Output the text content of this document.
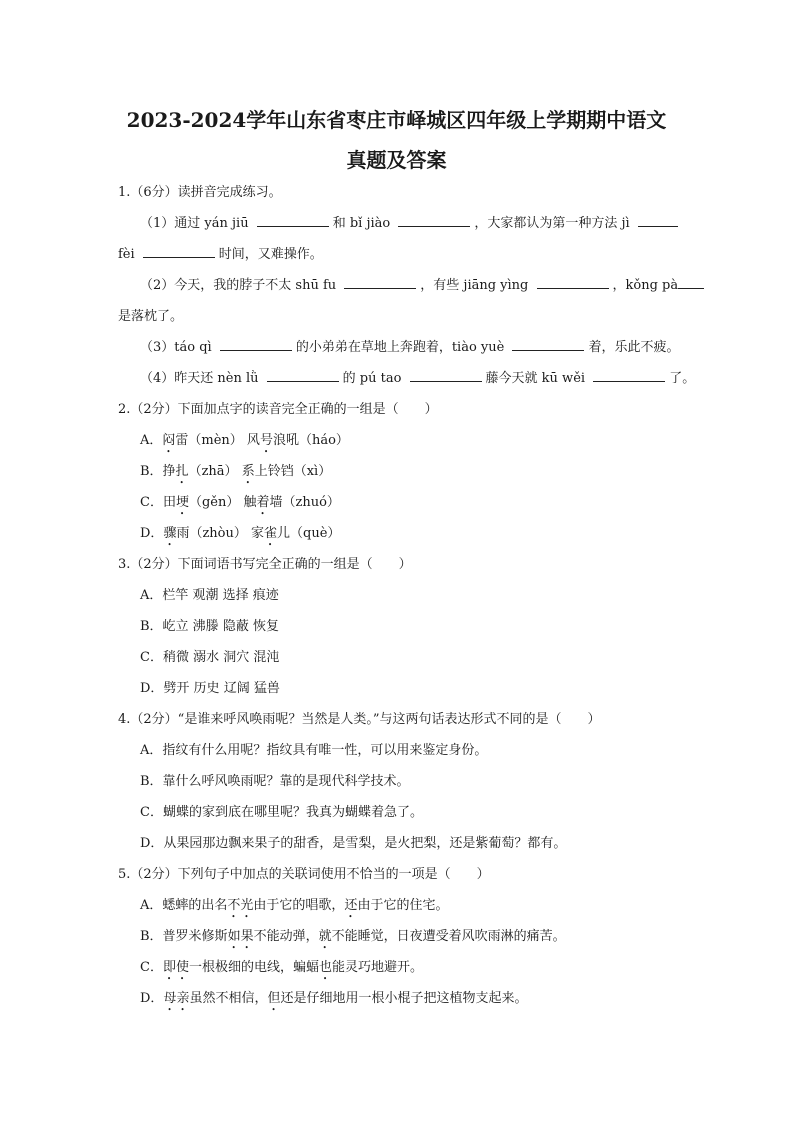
2023-2024学年山东省枣庄市峄城区四年级上学期期中语文
真题及答案
1.（6分）读拼音完成练习。
（1）通过 yán jiū	和 bǐ jiào	，大家都认为第一种方法 jì
fèi	时间，又难操作。
（2）今天，我的脖子不太 shū fu	，有些 jiāng yìng	，kǒng pà
是落枕了。
（3）táo qì	的小弟弟在草地上奔跑着，tiào yuè	着，乐此不疲。
（4）昨天还 nèn lǜ	的 pú tao	藤今天就 kū wěi	了。
2.（2分）下面加点字的读音完全正确的一组是（　　）
A．闷雷（mèn） 风号浪吼（háo）
B．挣扎（zhā） 系上铃铛（xì）
C．田埂（gěn） 触着墙（zhuó）
D．骤雨（zhòu） 家雀儿（què）
3.（2分）下面词语书写完全正确的一组是（　　）
A．栏竿 观潮 选择 痕迹
B．屹立 沸滕 隐蔽 恢复
C．稍微 溺水 洞穴 混沌
D．劈开 历史 辽阔 猛兽
4.（2分）“是谁来呼风唤雨呢？当然是人类。”与这两句话表达形式不同的是（　　）
A．指纹有什么用呢？指纹具有唯一性，可以用来鉴定身份。
B．靠什么呼风唤雨呢？靠的是现代科学技术。
C．蝴蝶的家到底在哪里呢？我真为蝴蝶着急了。
D．从果园那边飘来果子的甜香，是雪梨，是火把梨，还是紫葡萄？都有。
5.（2分）下列句子中加点的关联词使用不恰当的一项是（　　）
A．蟋蟀的出名不光由于它的唱歌，还由于它的住宅。
B．普罗米修斯如果不能动弹，就不能睡觉，日夜遭受着风吹雨淋的痛苦。
C．即使一根极细的电线，蝙蝠也能灵巧地避开。
D．母亲虽然不相信，但还是仔细地用一根小棍子把这植物支起来。
